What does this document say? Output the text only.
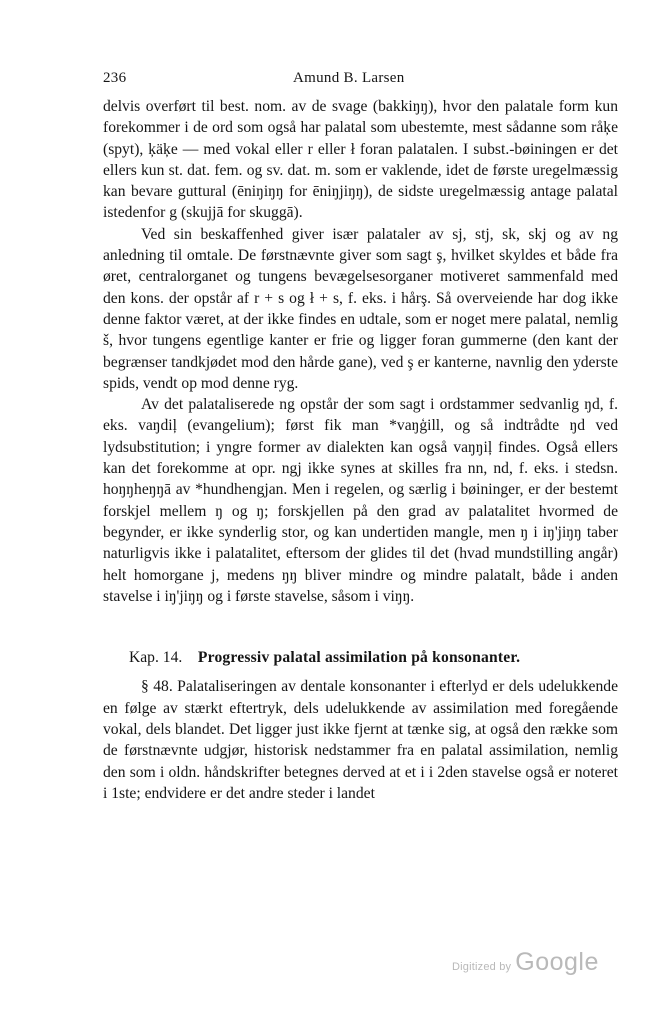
236	Amund B. Larsen

delvis overført til best. nom. av de svage (bakkiŋŋ), hvor den palatale form kun forekommer i de ord som også har palatal som ubestemte, mest sådanne som råķe (spyt), ķäķe — med vokal eller r eller ł foran palatalen. I subst.-bøiningen er det ellers kun st. dat. fem. og sv. dat. m. som er vaklende, idet de første uregelmæssig kan bevare guttural (ēniŋiŋŋ for ēniŋjiŋŋ), de sidste uregelmæssig antage palatal istedenfor g (skujjā for skuggā).

Ved sin beskaffenhed giver især palataler av sj, stj, sk, skj og av ng anledning til omtale. De førstnævnte giver som sagt ş, hvilket skyldes et både fra øret, centralorganet og tungens bevægelsesorganer motiveret sammenfald med den kons. der opstår af r + s og ł + s, f. eks. i hårş. Så overveiende har dog ikke denne faktor været, at der ikke findes en udtale, som er noget mere palatal, nemlig š, hvor tungens egentlige kanter er frie og ligger foran gummerne (den kant der begrænser tandkjødet mod den hårde gane), ved ş er kanterne, navnlig den yderste spids, vendt op mod denne ryg.

Av det palataliserede ng opstår der som sagt i ordstammer sedvanlig ŋd, f. eks. vaŋdiļ (evangelium); først fik man *vaŋģill, og så indtrådte ŋd ved lydsubstitution; i yngre former av dialekten kan også vaŋŋiļ findes. Også ellers kan det forekomme at opr. ngj ikke synes at skilles fra nn, nd, f. eks. i stedsn. hoŋŋheŋŋā av *hundhengjan. Men i regelen, og særlig i bøininger, er der bestemt forskjel mellem ŋ og ŋ; forskjellen på den grad av palatalitet hvormed de begynder, er ikke synderlig stor, og kan undertiden mangle, men ŋ i iŋ'jiŋŋ taber naturligvis ikke i palatalitet, eftersom der glides til det (hvad mundstilling angår) helt homorgane j, medens ŋŋ bliver mindre og mindre palatalt, både i anden stavelse i iŋ'jiŋŋ og i første stavelse, såsom i viŋŋ.

Kap. 14. Progressiv palatal assimilation på konsonanter.

§ 48. Palataliseringen av dentale konsonanter i efterlyd er dels udelukkende en følge av stærkt eftertryk, dels udelukkende av assimilation med foregående vokal, dels blandet. Det ligger just ikke fjernt at tænke sig, at også den række som de førstnævnte udgjør, historisk nedstammer fra en palatal assimilation, nemlig den som i oldn. håndskrifter betegnes derved at et i i 2den stavelse også er noteret i 1ste; endvidere er det andre steder i landet

Digitized by Google
